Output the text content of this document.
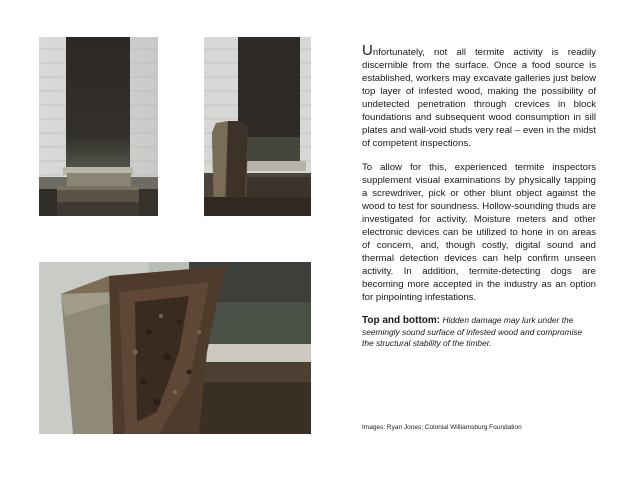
Unfortunately, not all termite activity is readily discernible from the surface. Once a food source is established, workers may excavate galleries just below top layer of infested wood, making the possibility of undetected penetration through crevices in block foundations and subsequent wood consumption in sill plates and wall-void studs very real – even in the midst of competent inspections.

To allow for this, experienced termite inspectors supplement visual examinations by physically tapping a screwdriver, pick or other blunt object against the wood to test for soundness. Hollow-sounding thuds are investigated for activity. Moisture meters and other electronic devices can be utilized to hone in on areas of concern, and, though costly, digital sound and thermal detection devices can help confirm unseen activity. In addition, termite-detecting dogs are becoming more accepted in the industry as an option for pinpointing infestations.

Top and bottom: Hidden damage may lurk under the seemingly sound surface of infested wood and compromise the structural stability of the timber.

Images: Ryan Jones; Colonial Williamsburg Foundation
